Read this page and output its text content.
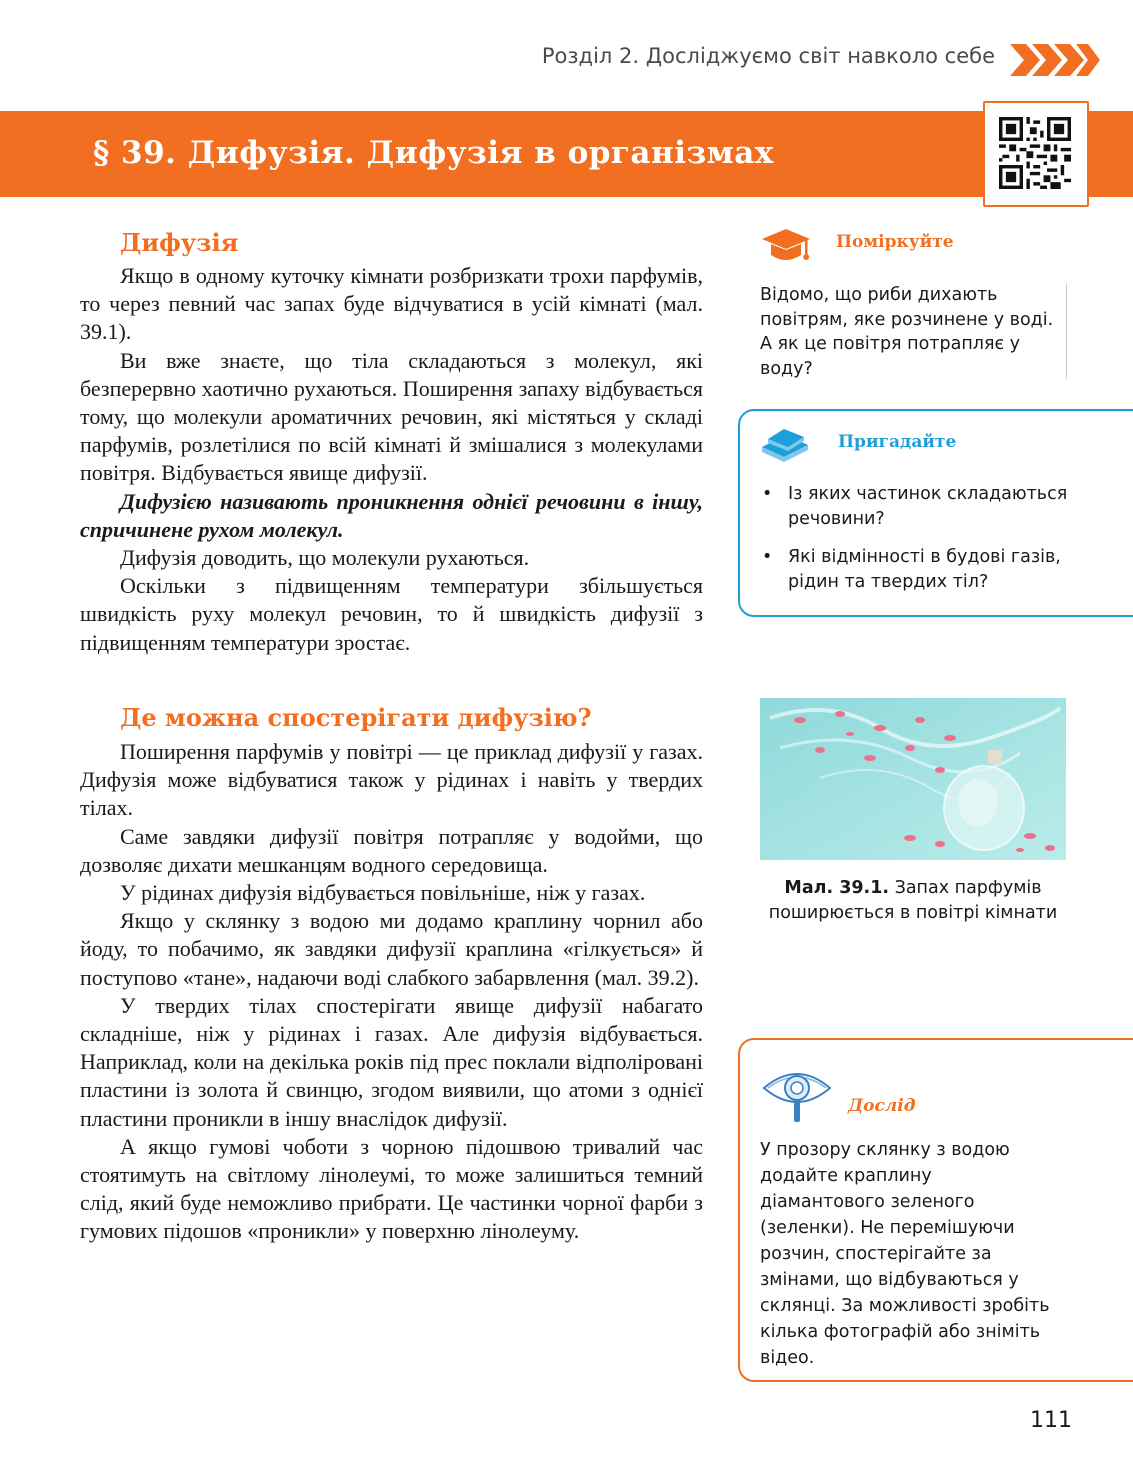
Розділ 2. Досліджуємо світ навколо себе
§ 39. Дифузія. Дифузія в організмах
Дифузія

Якщо в одному куточку кімнати розбризкати трохи парфумів, то через певний час запах буде відчуватися в усій кімнаті (мал. 39.1).

Ви вже знаєте, що тіла складаються з молекул, які безперервно хаотично рухаються. Поширення запаху відбувається тому, що молекули ароматичних речовин, які містяться у складі парфумів, розлетілися по всій кімнаті й змішалися з молекулами повітря. Відбувається явище дифузії.

Дифузією називають проникнення однієї речовини в іншу, спричинене рухом молекул.

Дифузія доводить, що молекули рухаються.

Оскільки з підвищенням температури збільшується швидкість руху молекул речовин, то й швидкість дифузії з підвищенням температури зростає.

Де можна спостерігати дифузію?

Поширення парфумів у повітрі — це приклад дифузії у газах. Дифузія може відбуватися також у рідинах і навіть у твердих тілах.

Саме завдяки дифузії повітря потрапляє у водойми, що дозволяє дихати мешканцям водного середовища.

У рідинах дифузія відбувається повільніше, ніж у газах.

Якщо у склянку з водою ми додамо краплину чорнил або йоду, то побачимо, як завдяки дифузії краплина «гілкується» й поступово «тане», надаючи воді слабкого забарвлення (мал. 39.2).

У твердих тілах спостерігати явище дифузії набагато складніше, ніж у рідинах і газах. Але дифузія відбувається. Наприклад, коли на декілька років під прес поклали відполіровані пластини із золота й свинцю, згодом виявили, що атоми з однієї пластини проникли в іншу внаслідок дифузії.

А якщо гумові чоботи з чорною підошвою тривалий час стоятимуть на світлому лінолеумі, то може залишиться темний слід, який буде неможливо прибрати. Це частинки чорної фарби з гумових підошов «проникли» у поверхню лінолеуму.

Поміркуйте
Відомо, що риби дихають повітрям, яке розчинене у воді. А як це повітря потрапляє у воду?
Пригадайте
• Із яких частинок складаються речовини?
• Які відмінності в будові газів, рідин та твердих тіл?
Мал. 39.1. Запах парфумів поширюється в повітрі кімнати
Дослід
У прозору склянку з водою додайте краплину діамантового зеленого (зеленки). Не перемішуючи розчин, спостерігайте за змінами, що відбуваються у склянці. За можливості зробіть кілька фотографій або зніміть відео.
111
